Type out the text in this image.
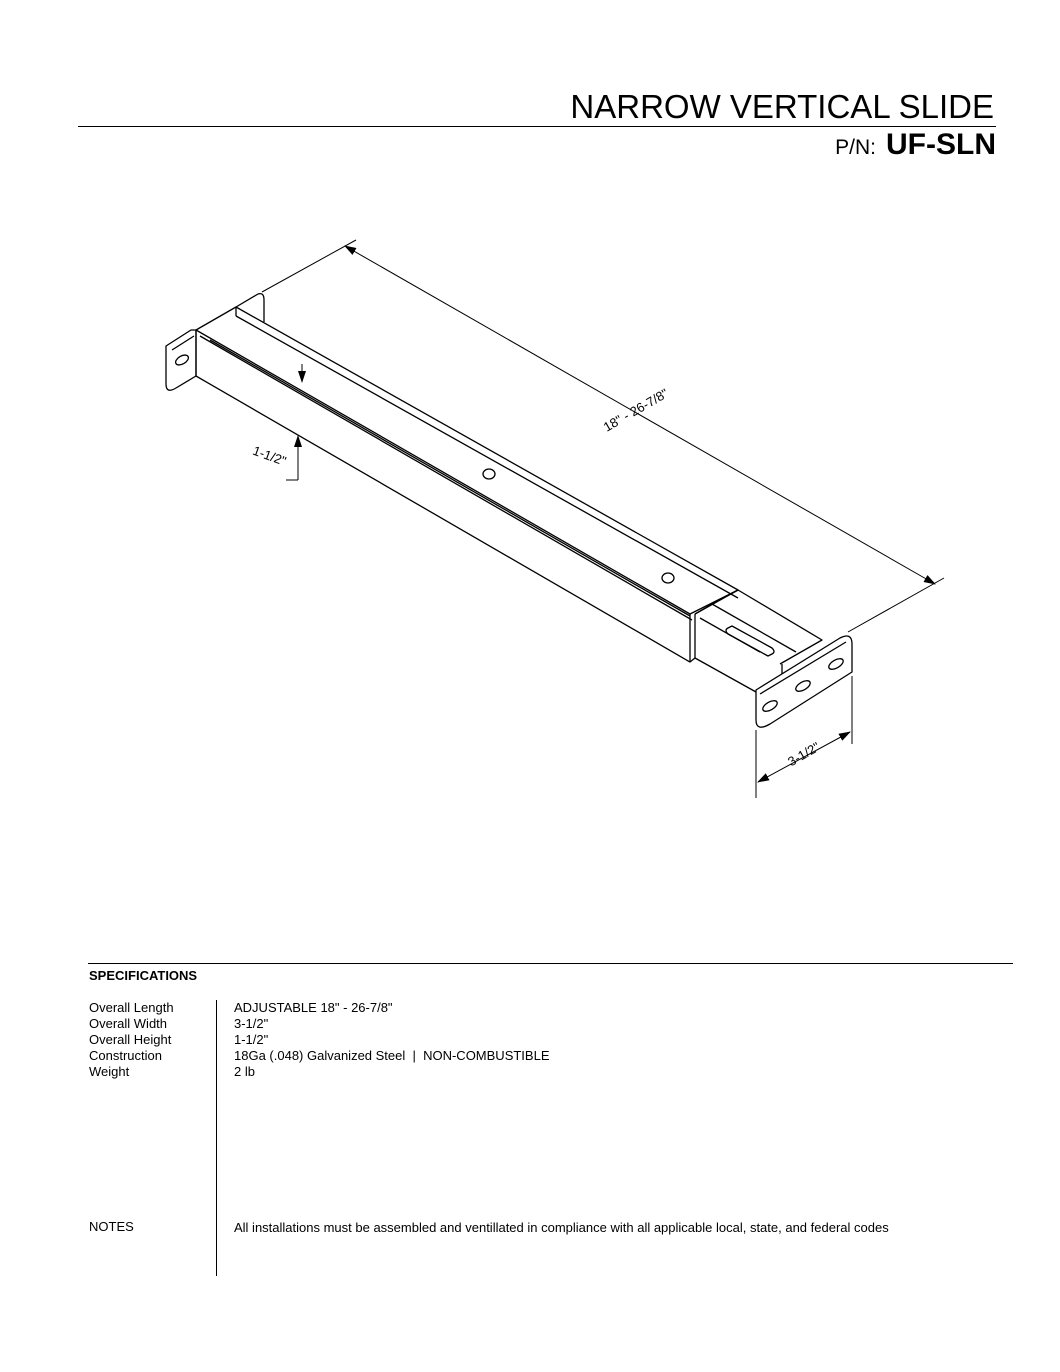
NARROW VERTICAL SLIDE
P/N: UF-SLN
18" - 26-7/8"
1-1/2"
3-1/2"
SPECIFICATIONS
Overall Length
Overall Width
Overall Height
Construction
Weight
ADJUSTABLE 18" - 26-7/8"
3-1/2"
1-1/2"
18Ga (.048) Galvanized Steel  |  NON-COMBUSTIBLE
2 lb
NOTES	All installations must be assembled and ventillated in compliance with all applicable local, state, and federal codes
